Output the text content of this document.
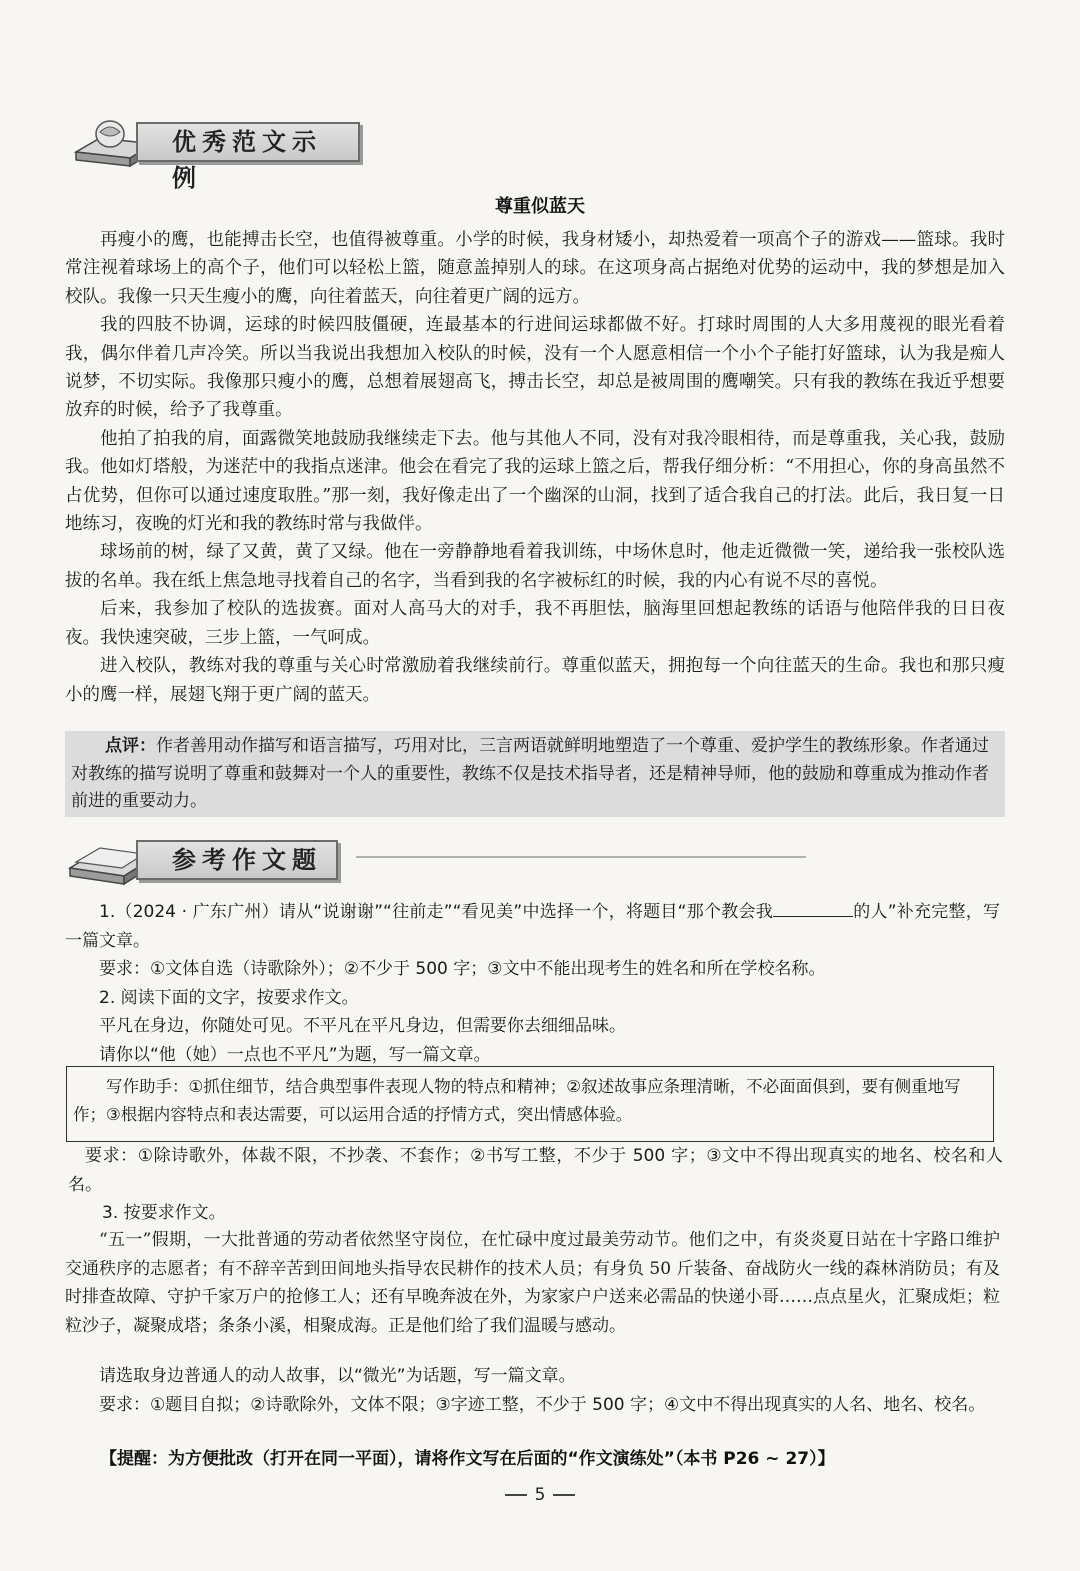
优秀范文示例
尊重似蓝天

再瘦小的鹰，也能搏击长空，也值得被尊重。小学的时候，我身材矮小，却热爱着一项高个子的游戏——篮球。我时常注视着球场上的高个子，他们可以轻松上篮，随意盖掉别人的球。在这项身高占据绝对优势的运动中，我的梦想是加入校队。我像一只天生瘦小的鹰，向往着蓝天，向往着更广阔的远方。

我的四肢不协调，运球的时候四肢僵硬，连最基本的行进间运球都做不好。打球时周围的人大多用蔑视的眼光看着我，偶尔伴着几声冷笑。所以当我说出我想加入校队的时候，没有一个人愿意相信一个小个子能打好篮球，认为我是痴人说梦，不切实际。我像那只瘦小的鹰，总想着展翅高飞，搏击长空，却总是被周围的鹰嘲笑。只有我的教练在我近乎想要放弃的时候，给予了我尊重。

他拍了拍我的肩，面露微笑地鼓励我继续走下去。他与其他人不同，没有对我冷眼相待，而是尊重我，关心我，鼓励我。他如灯塔般，为迷茫中的我指点迷津。他会在看完了我的运球上篮之后，帮我仔细分析：“不用担心，你的身高虽然不占优势，但你可以通过速度取胜。”那一刻，我好像走出了一个幽深的山洞，找到了适合我自己的打法。此后，我日复一日地练习，夜晚的灯光和我的教练时常与我做伴。

球场前的树，绿了又黄，黄了又绿。他在一旁静静地看着我训练，中场休息时，他走近微微一笑，递给我一张校队选拔的名单。我在纸上焦急地寻找着自己的名字，当看到我的名字被标红的时候，我的内心有说不尽的喜悦。

后来，我参加了校队的选拔赛。面对人高马大的对手，我不再胆怯，脑海里回想起教练的话语与他陪伴我的日日夜夜。我快速突破，三步上篮，一气呵成。

进入校队，教练对我的尊重与关心时常激励着我继续前行。尊重似蓝天，拥抱每一个向往蓝天的生命。我也和那只瘦小的鹰一样，展翅飞翔于更广阔的蓝天。

点评：作者善用动作描写和语言描写，巧用对比，三言两语就鲜明地塑造了一个尊重、爱护学生的教练形象。作者通过对教练的描写说明了尊重和鼓舞对一个人的重要性，教练不仅是技术指导者，还是精神导师，他的鼓励和尊重成为推动作者前进的重要动力。
参考作文题

1.（2024 · 广东广州）请从“说谢谢”“往前走”“看见美”中选择一个，将题目“那个教会我	的人”补充完整，写一篇文章。

要求：①文体自选（诗歌除外）；②不少于 500 字；③文中不能出现考生的姓名和所在学校名称。

2. 阅读下面的文字，按要求作文。

平凡在身边，你随处可见。不平凡在平凡身边，但需要你去细细品味。

请你以“他（她）一点也不平凡”为题，写一篇文章。

写作助手：①抓住细节，结合典型事件表现人物的特点和精神；②叙述故事应条理清晰，不必面面俱到，要有侧重地写作；③根据内容特点和表达需要，可以运用合适的抒情方式，突出情感体验。

要求：①除诗歌外，体裁不限，不抄袭、不套作；②书写工整，不少于 500 字；③文中不得出现真实的地名、校名和人名。

3. 按要求作文。

“五一”假期，一大批普通的劳动者依然坚守岗位，在忙碌中度过最美劳动节。他们之中，有炎炎夏日站在十字路口维护交通秩序的志愿者；有不辞辛苦到田间地头指导农民耕作的技术人员；有身负 50 斤装备、奋战防火一线的森林消防员；有及时排查故障、守护千家万户的抢修工人；还有早晚奔波在外，为家家户户送来必需品的快递小哥……点点星火，汇聚成炬；粒粒沙子，凝聚成塔；条条小溪，相聚成海。正是他们给了我们温暖与感动。

请选取身边普通人的动人故事，以“微光”为话题，写一篇文章。

要求：①题目自拟；②诗歌除外，文体不限；③字迹工整，不少于 500 字；④文中不得出现真实的人名、地名、校名。

【提醒：为方便批改（打开在同一平面），请将作文写在后面的“作文演练处”（本书 P26 ~ 27）】
5
